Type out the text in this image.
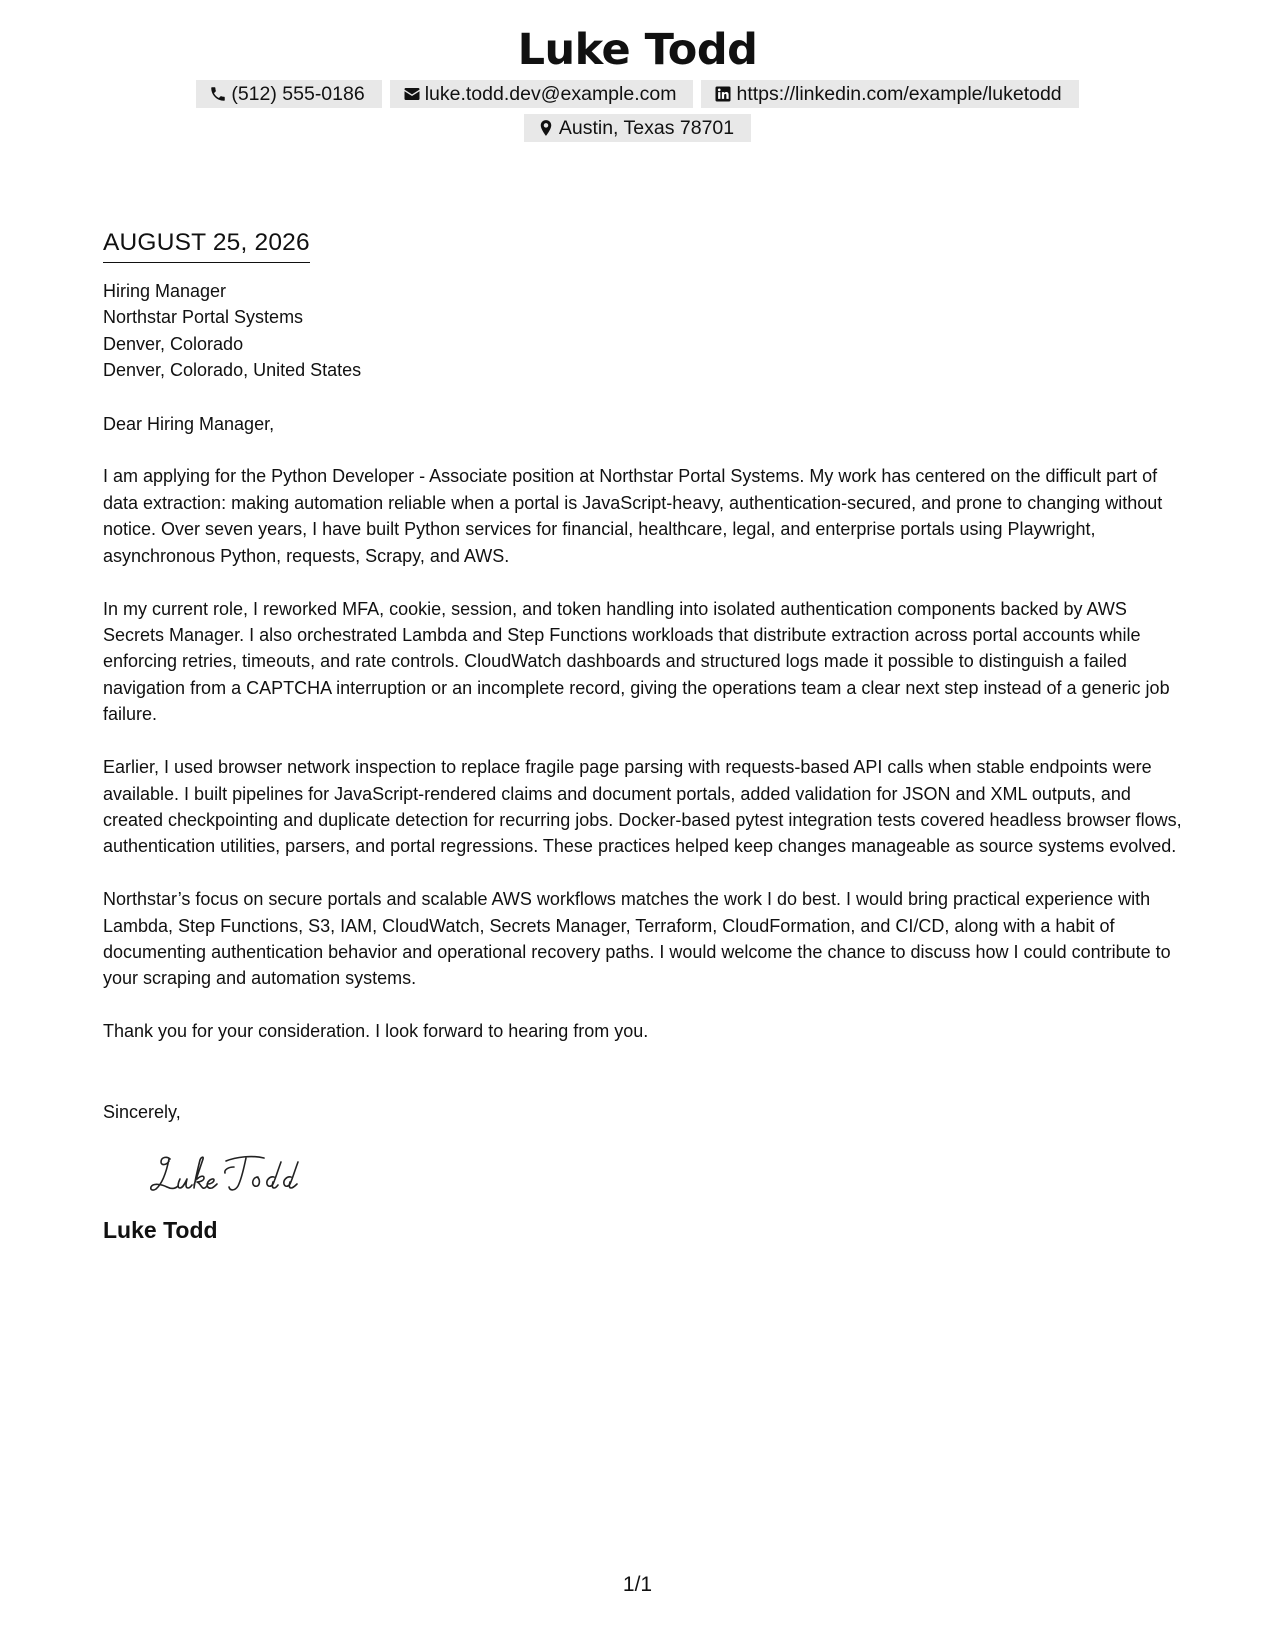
Luke Todd
(512) 555-0186	luke.todd.dev@example.com	https://linkedin.com/example/luketodd
Austin, Texas 78701
AUGUST 25, 2026
Hiring Manager
Northstar Portal Systems
Denver, Colorado
Denver, Colorado, United States
Dear Hiring Manager,

I am applying for the Python Developer - Associate position at Northstar Portal Systems. My work has centered on the difficult part of data extraction: making automation reliable when a portal is JavaScript-heavy, authentication-secured, and prone to changing without notice. Over seven years, I have built Python services for financial, healthcare, legal, and enterprise portals using Playwright, asynchronous Python, requests, Scrapy, and AWS.

In my current role, I reworked MFA, cookie, session, and token handling into isolated authentication components backed by AWS Secrets Manager. I also orchestrated Lambda and Step Functions workloads that distribute extraction across portal accounts while enforcing retries, timeouts, and rate controls. CloudWatch dashboards and structured logs made it possible to distinguish a failed navigation from a CAPTCHA interruption or an incomplete record, giving the operations team a clear next step instead of a generic job failure.

Earlier, I used browser network inspection to replace fragile page parsing with requests-based API calls when stable endpoints were available. I built pipelines for JavaScript-rendered claims and document portals, added validation for JSON and XML outputs, and created checkpointing and duplicate detection for recurring jobs. Docker-based pytest integration tests covered headless browser flows, authentication utilities, parsers, and portal regressions. These practices helped keep changes manageable as source systems evolved.

Northstar’s focus on secure portals and scalable AWS workflows matches the work I do best. I would bring practical experience with Lambda, Step Functions, S3, IAM, CloudWatch, Secrets Manager, Terraform, CloudFormation, and CI/CD, along with a habit of documenting authentication behavior and operational recovery paths. I would welcome the chance to discuss how I could contribute to your scraping and automation systems.

Thank you for your consideration. I look forward to hearing from you.

Sincerely,
Luke Todd
1/1
